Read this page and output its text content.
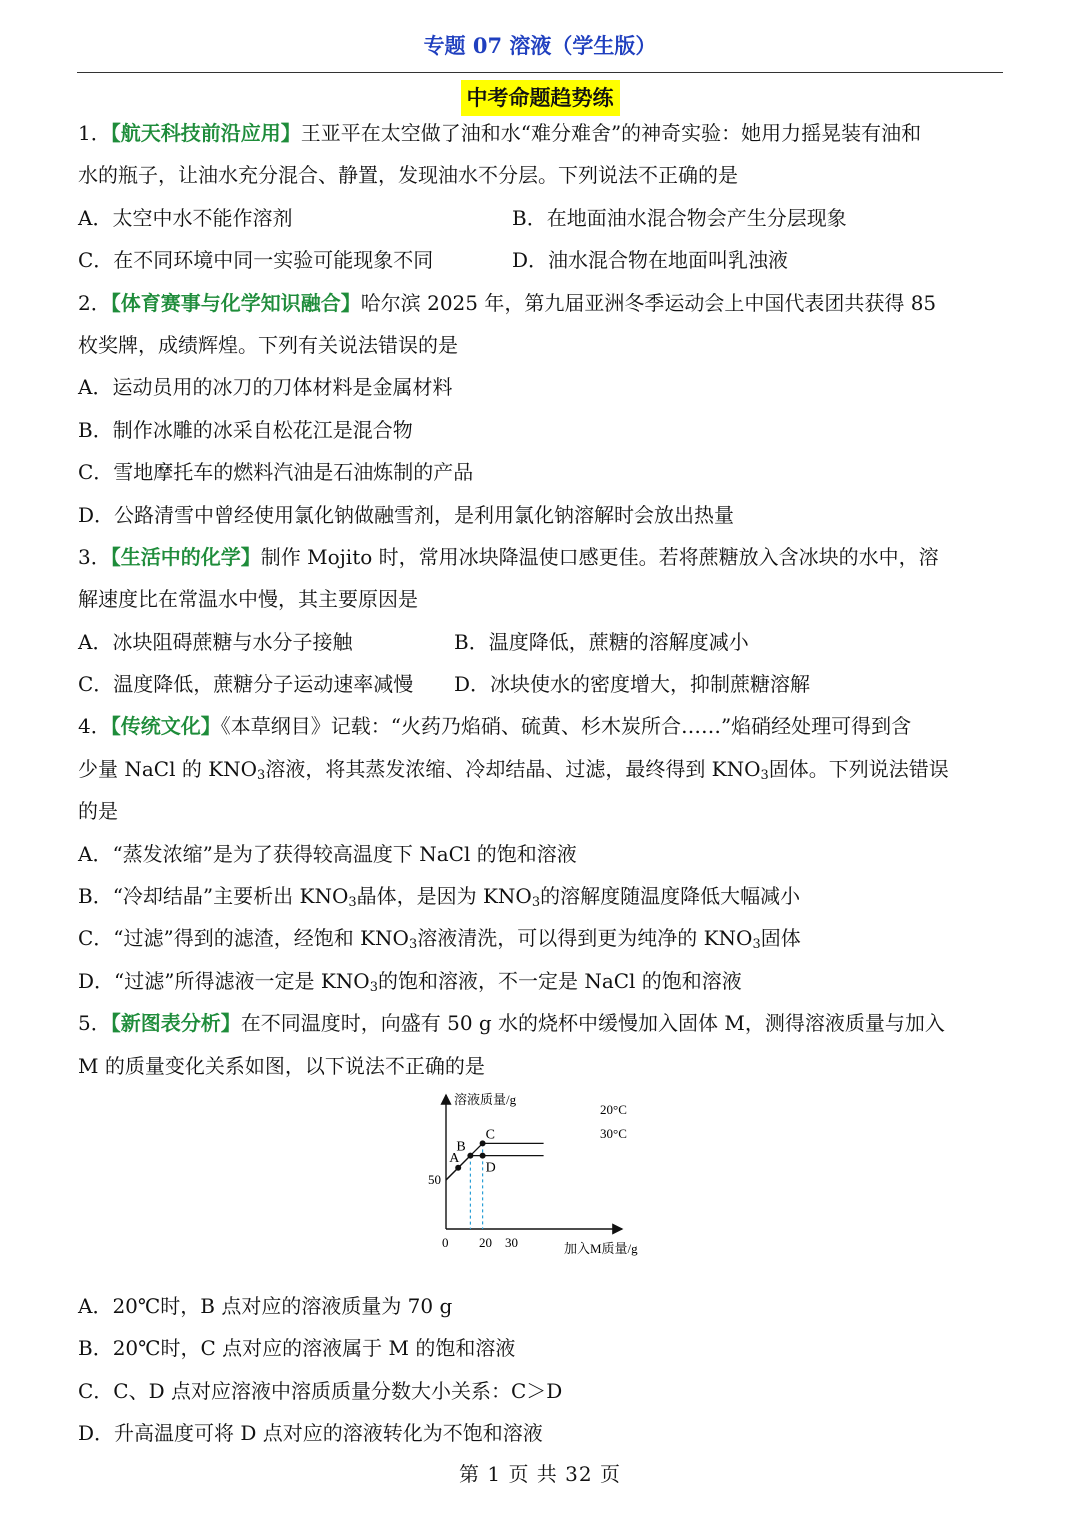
专题 07 溶液（学生版）
中考命题趋势练
1．【航天科技前沿应用】王亚平在太空做了油和水“难分难舍”的神奇实验：她用力摇晃装有油和
水的瓶子，让油水充分混合、静置，发现油水不分层。下列说法不正确的是
A．太空中水不能作溶剂	B．在地面油水混合物会产生分层现象
C．在不同环境中同一实验可能现象不同	D．油水混合物在地面叫乳浊液
2．【体育赛事与化学知识融合】哈尔滨 2025 年，第九届亚洲冬季运动会上中国代表团共获得 85
枚奖牌，成绩辉煌。下列有关说法错误的是
A．运动员用的冰刀的刀体材料是金属材料
B．制作冰雕的冰采自松花江是混合物
C．雪地摩托车的燃料汽油是石油炼制的产品
D．公路清雪中曾经使用氯化钠做融雪剂，是利用氯化钠溶解时会放出热量
3．【生活中的化学】制作 Mojito 时，常用冰块降温使口感更佳。若将蔗糖放入含冰块的水中，溶
解速度比在常温水中慢，其主要原因是
A．冰块阻碍蔗糖与水分子接触	B．温度降低，蔗糖的溶解度减小
C．温度降低，蔗糖分子运动速率减慢 D．冰块使水的密度增大，抑制蔗糖溶解
4．【传统文化】《本草纲目》记载：“火药乃焰硝、硫黄、杉木炭所合……”焰硝经处理可得到含
少量 NaCl 的 $KNO_3$溶液，将其蒸发浓缩、冷却结晶、过滤，最终得到 $KNO_3$固体。下列说法错误
的是
A．“蒸发浓缩”是为了获得较高温度下 NaCl 的饱和溶液
B．“冷却结晶”主要析出 $KNO_3$晶体，是因为 $KNO_3$的溶解度随温度降低大幅减小
C．“过滤”得到的滤渣，经饱和 $KNO_3$溶液清洗，可以得到更为纯净的 $KNO_3$固体
D．“过滤”所得滤液一定是 $KNO_3$的饱和溶液，不一定是 NaCl 的饱和溶液
5．【新图表分析】在不同温度时，向盛有 50 g 水的烧杯中缓慢加入固体 M，测得溶液质量与加入
M 的质量变化关系如图，以下说法不正确的是
溶液质量/g
加入M质量/g
0
50
20 30
A
B
C
D
20°C
30°C
A．20℃时，B 点对应的溶液质量为 70 g
B．20℃时，C 点对应的溶液属于 M 的饱和溶液
C．C、D 点对应溶液中溶质质量分数大小关系：C＞D
D．升高温度可将 D 点对应的溶液转化为不饱和溶液
第 1 页 共 32 页
